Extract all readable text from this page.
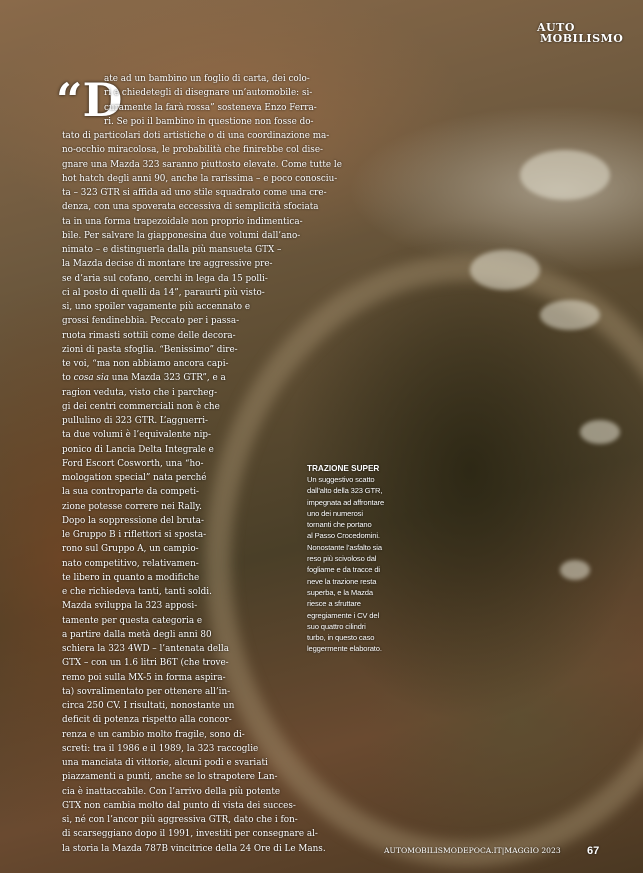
AUTO
MOBILISMO
“D
ate ad un bambino un foglio di carta, dei colo-
ri e chiedetegli di disegnare un’automobile: si-
curamente la farà rossa” sosteneva Enzo Ferra-
ri. Se poi il bambino in questione non fosse do-
tato di particolari doti artistiche o di una coordinazione ma-
no-occhio miracolosa, le probabilità che finirebbe col dise-
gnare una Mazda 323 saranno piuttosto elevate. Come tutte le
hot hatch degli anni 90, anche la rarissima – e poco conosciu-
ta – 323 GTR si affida ad uno stile squadrato come una cre-
denza, con una spoverata eccessiva di semplicità sfociata
ta in una forma trapezoidale non proprio indimentica-
bile. Per salvare la giapponesina due volumi dall’ano-
nimato – e distinguerla dalla più mansueta GTX –
la Mazda decise di montare tre aggressive pre-
se d’aria sul cofano, cerchi in lega da 15 polli-
ci al posto di quelli da 14”, paraurti più visto-
si, uno spoiler vagamente più accennato e
grossi fendinebbia. Peccato per i passa-
ruota rimasti sottili come delle decora-
zioni di pasta sfoglia. “Benissimo” dire-
te voi, “ma non abbiamo ancora capi-
to cosa sia una Mazda 323 GTR”, e a
ragion veduta, visto che i parcheg-
gi dei centri commerciali non è che
pullulino di 323 GTR. L’agguerri-
ta due volumi è l’equivalente nip-
ponico di Lancia Delta Integrale e
Ford Escort Cosworth, una “ho-
mologation special” nata perché
la sua controparte da competi-
zione potesse correre nei Rally.
Dopo la soppressione del bruta-
le Gruppo B i riflettori si sposta-
rono sul Gruppo A, un campio-
nato competitivo, relativamen-
te libero in quanto a modifiche
e che richiedeva tanti, tanti soldi.
Mazda sviluppa la 323 apposi-
tamente per questa categoria e
a partire dalla metà degli anni 80
schiera la 323 4WD – l’antenata della
GTX – con un 1.6 litri B6T (che trove-
remo poi sulla MX-5 in forma aspira-
ta) sovralimentato per ottenere all’in-
circa 250 CV. I risultati, nonostante un
deficit di potenza rispetto alla concor-
renza e un cambio molto fragile, sono di-
screti: tra il 1986 e il 1989, la 323 raccoglie
una manciata di vittorie, alcuni podi e svariati
piazzamenti a punti, anche se lo strapotere Lan-
cia è inattaccabile. Con l’arrivo della più potente
GTX non cambia molto dal punto di vista dei succes-
si, né con l’ancor più aggressiva GTR, dato che i fon-
di scarseggiano dopo il 1991, investiti per consegnare al-
la storia la Mazda 787B vincitrice della 24 Ore di Le Mans.
TRAZIONE SUPER
Un suggestivo scatto
dall’alto della 323 GTR,
impegnata ad affrontare
uno dei numerosi
tornanti che portano
al Passo Crocedomini.
Nonostante l’asfalto sia
reso più scivoloso dal
fogliame e da tracce di
neve la trazione resta
superba, e la Mazda
riesce a sfruttare
egregiamente i CV del
suo quattro cilindri
turbo, in questo caso
leggermente elaborato.
AUTOMOBILISMODEPOCA.IT|MAGGIO 2023 67
